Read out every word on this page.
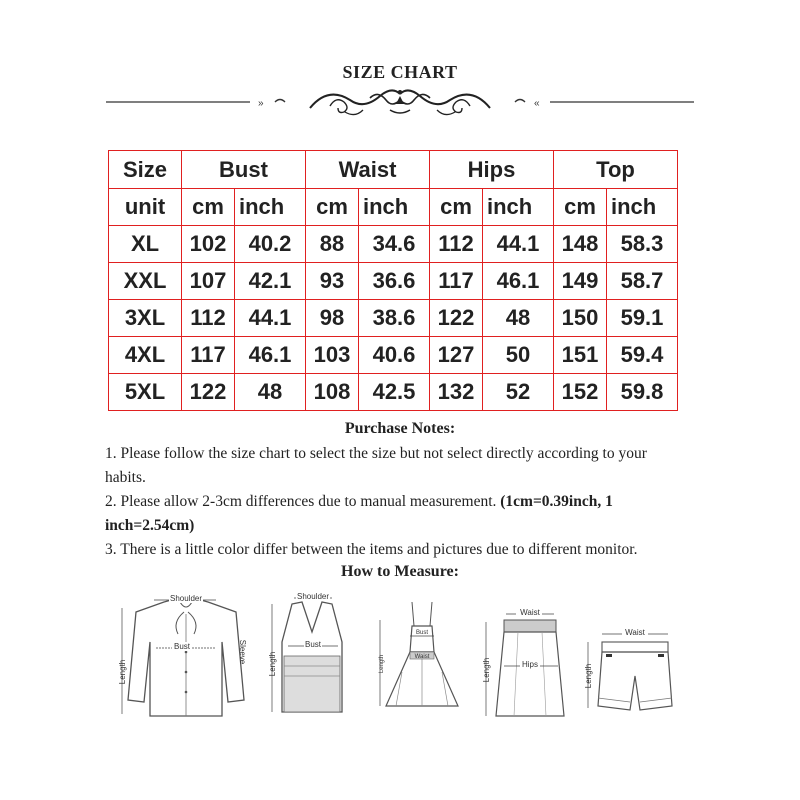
SIZE CHART
»	«
Size	Bust		Waist		Hips		Top	
unit	cm	inch	cm	inch	cm	inch	cm	inch
XL	102	40.2	88	34.6	112	44.1	148	58.3
XXL	107	42.1	93	36.6	117	46.1	149	58.7
3XL	112	44.1	98	38.6	122	48	150	59.1
4XL	117	46.1	103	40.6	127	50	151	59.4
5XL	122	48	108	42.5	132	52	152	59.8
Purchase Notes:
1. Please follow the size chart to select the size but not select directly according to your habits.
2. Please allow 2-3cm differences due to manual measurement. (1cm=0.39inch, 1 inch=2.54cm)
3. There is a little color differ between the items and pictures due to different monitor.
How to Measure:
Shoulder
Bust
Length
Sleeve
Shoulder
Bust
Length
Bust
Waist
Length
Waist
Hips
Length
Waist
Length
